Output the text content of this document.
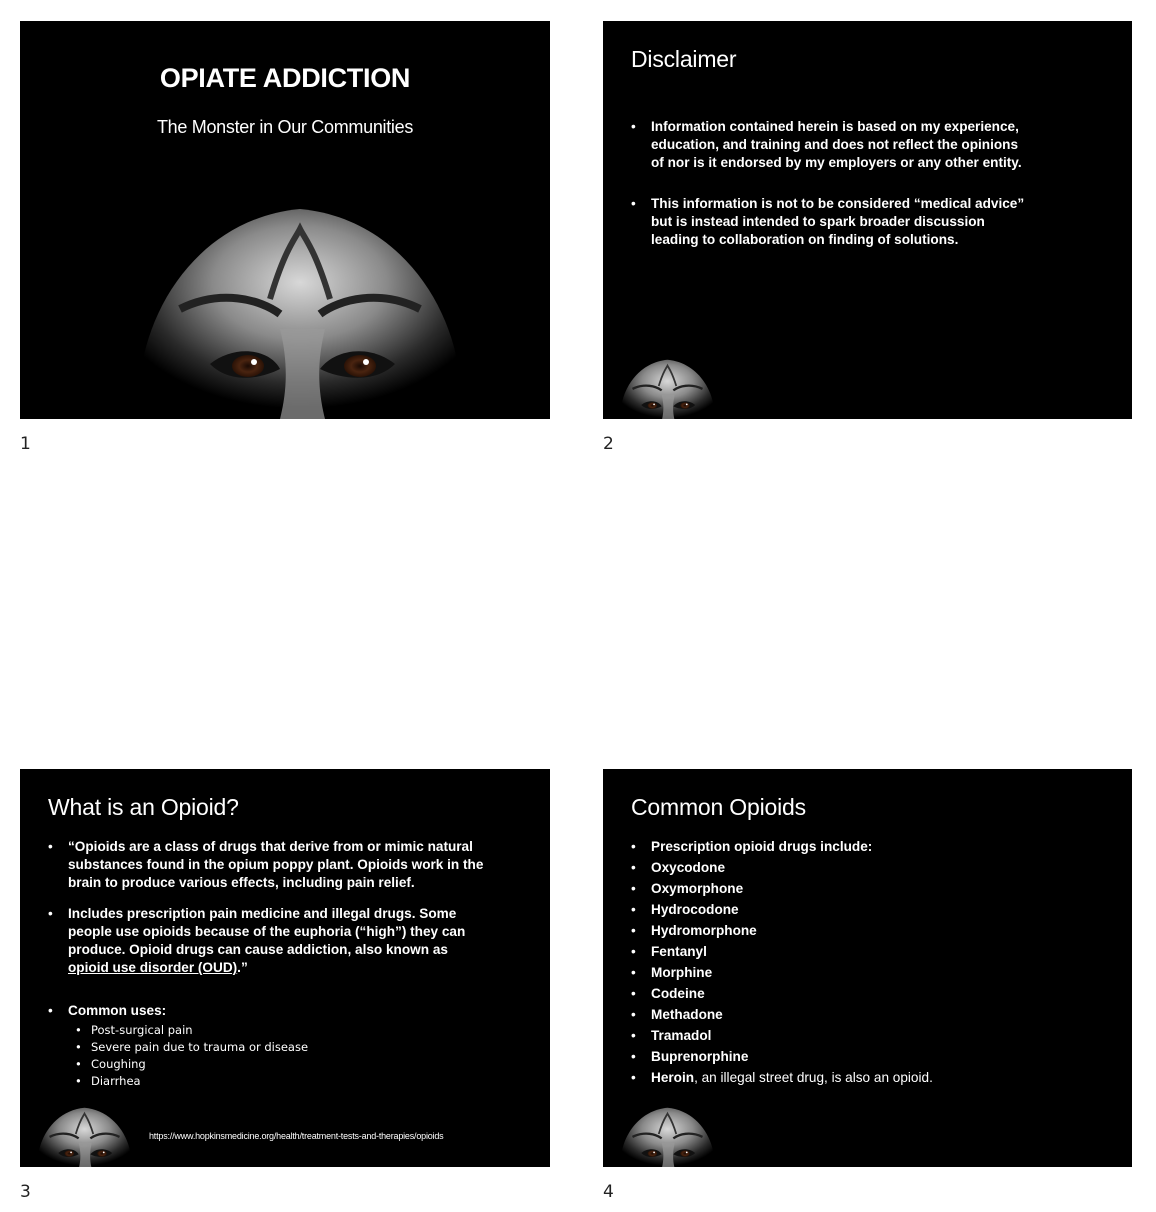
OPIATE ADDICTION
The Monster in Our Communities
1
Disclaimer
• Information contained herein is based on my experience, education, and training and does not reflect the opinions of nor is it endorsed by my employers or any other entity.
• This information is not to be considered “medical advice” but is instead intended to spark broader discussion leading to collaboration on finding of solutions.
2
What is an Opioid?
• “Opioids are a class of drugs that derive from or mimic natural substances found in the opium poppy plant. Opioids work in the brain to produce various effects, including pain relief.
• Includes prescription pain medicine and illegal drugs. Some people use opioids because of the euphoria (“high”) they can produce. Opioid drugs can cause addiction, also known as opioid use disorder (OUD).”
• Common uses:
• Post-surgical pain
• Severe pain due to trauma or disease
• Coughing
• Diarrhea
https://www.hopkinsmedicine.org/health/treatment-tests-and-therapies/opioids
3
Common Opioids
• Prescription opioid drugs include:
• Oxycodone
• Oxymorphone
• Hydrocodone
• Hydromorphone
• Fentanyl
• Morphine
• Codeine
• Methadone
• Tramadol
• Buprenorphine
• Heroin, an illegal street drug, is also an opioid.
4
